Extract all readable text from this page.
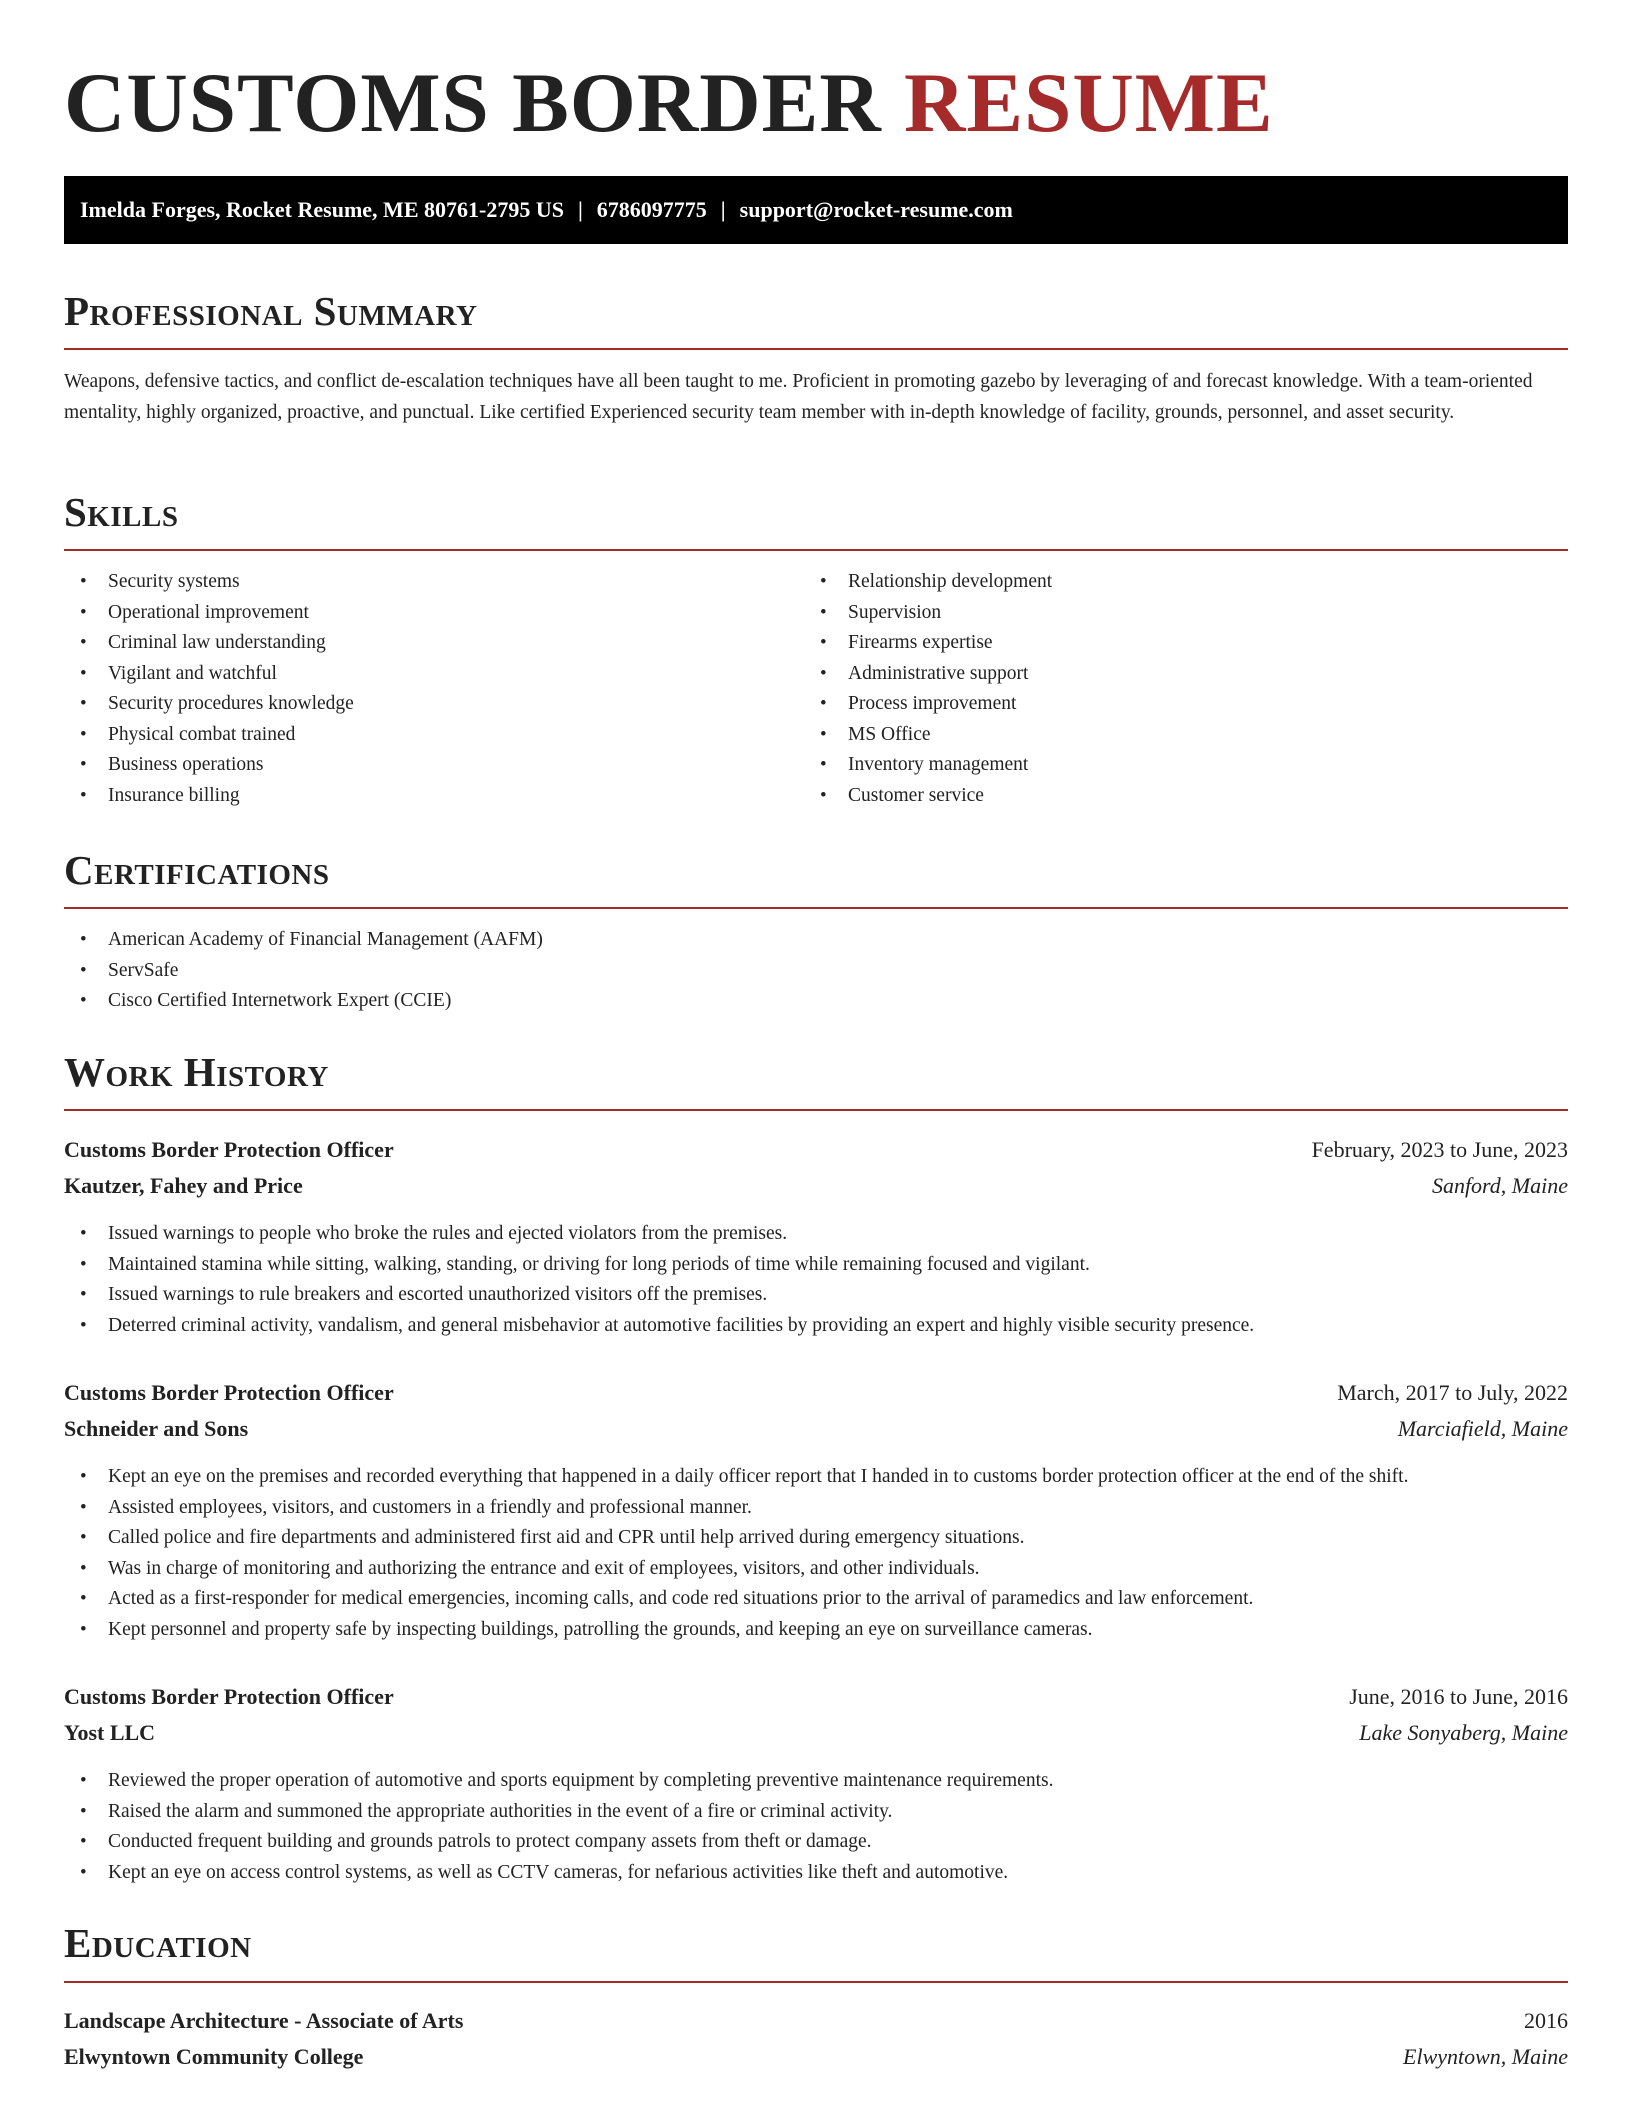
CUSTOMS BORDER RESUME
Imelda Forges, Rocket Resume, ME 80761-2795 US | 6786097775 | support@rocket-resume.com
Professional Summary
Weapons, defensive tactics, and conflict de-escalation techniques have all been taught to me. Proficient in promoting gazebo by leveraging of and forecast knowledge. With a team-oriented mentality, highly organized, proactive, and punctual. Like certified Experienced security team member with in-depth knowledge of facility, grounds, personnel, and asset security.
Skills
• Security systems
• Operational improvement
• Criminal law understanding
• Vigilant and watchful
• Security procedures knowledge
• Physical combat trained
• Business operations
• Insurance billing
• Relationship development
• Supervision
• Firearms expertise
• Administrative support
• Process improvement
• MS Office
• Inventory management
• Customer service
Certifications
• American Academy of Financial Management (AAFM)
• ServSafe
• Cisco Certified Internetwork Expert (CCIE)
Work History
Customs Border Protection Officer	February, 2023 to June, 2023
Kautzer, Fahey and Price	Sanford, Maine
• Issued warnings to people who broke the rules and ejected violators from the premises.
• Maintained stamina while sitting, walking, standing, or driving for long periods of time while remaining focused and vigilant.
• Issued warnings to rule breakers and escorted unauthorized visitors off the premises.
• Deterred criminal activity, vandalism, and general misbehavior at automotive facilities by providing an expert and highly visible security presence.
Customs Border Protection Officer	March, 2017 to July, 2022
Schneider and Sons	Marciafield, Maine
• Kept an eye on the premises and recorded everything that happened in a daily officer report that I handed in to customs border protection officer at the end of the shift.
• Assisted employees, visitors, and customers in a friendly and professional manner.
• Called police and fire departments and administered first aid and CPR until help arrived during emergency situations.
• Was in charge of monitoring and authorizing the entrance and exit of employees, visitors, and other individuals.
• Acted as a first-responder for medical emergencies, incoming calls, and code red situations prior to the arrival of paramedics and law enforcement.
• Kept personnel and property safe by inspecting buildings, patrolling the grounds, and keeping an eye on surveillance cameras.
Customs Border Protection Officer	June, 2016 to June, 2016
Yost LLC	Lake Sonyaberg, Maine
• Reviewed the proper operation of automotive and sports equipment by completing preventive maintenance requirements.
• Raised the alarm and summoned the appropriate authorities in the event of a fire or criminal activity.
• Conducted frequent building and grounds patrols to protect company assets from theft or damage.
• Kept an eye on access control systems, as well as CCTV cameras, for nefarious activities like theft and automotive.
Education
Landscape Architecture - Associate of Arts	2016
Elwyntown Community College	Elwyntown, Maine
